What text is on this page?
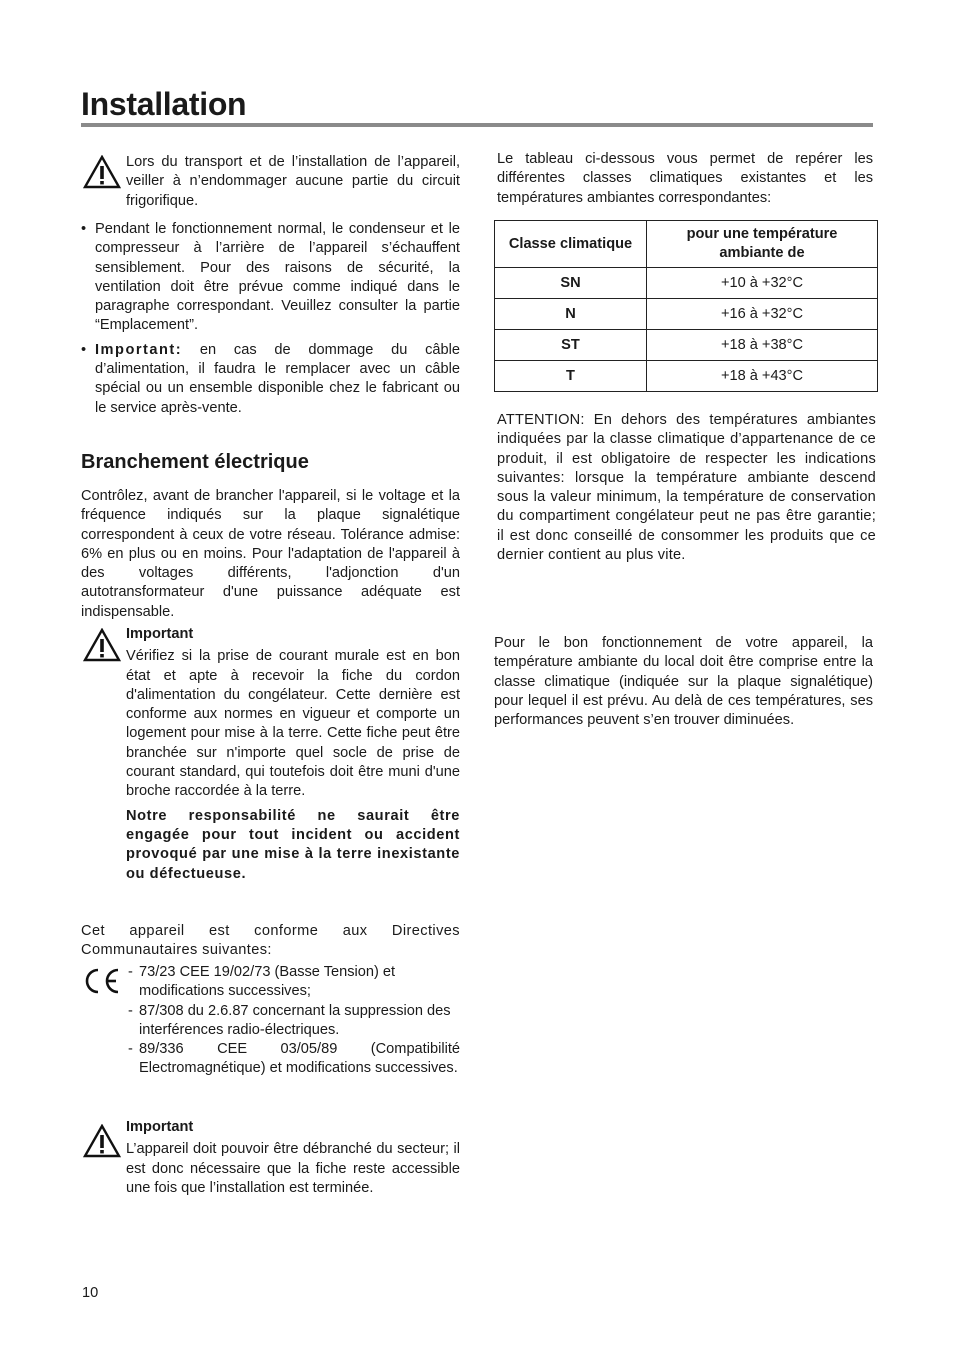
Installation

Lors du transport et de l’installation de l’appareil, veiller à n’endommager aucune partie du circuit frigorifique.

• Pendant le fonctionnement normal, le condenseur et le compresseur à l’arrière de l’appareil s’échauffent sensiblement. Pour des raisons de sécurité, la ventilation doit être prévue comme indiqué dans le paragraphe correspondant. Veuillez consulter la partie “Emplacement”.
• Important: en cas de dommage du câble d’alimentation, il faudra le remplacer avec un câble spécial ou un ensemble disponible chez le fabricant ou le service après-vente.
Branchement électrique

Contrôlez, avant de brancher l'appareil, si le voltage et la fréquence indiqués sur la plaque signalétique correspondent à ceux de votre réseau. Tolérance admise: 6% en plus ou en moins. Pour l'adaptation de l'appareil à des voltages différents, l'adjonction d'un autotransformateur d'une puissance adéquate est indispensable.

Important

Vérifiez si la prise de courant murale est en bon état et apte à recevoir la fiche du cordon d'alimentation du congélateur. Cette dernière est conforme aux normes en vigueur et comporte un logement pour mise à la terre. Cette fiche peut être branchée sur n'importe quel socle de prise de courant standard, qui toutefois doit être muni d'une broche raccordée à la terre.

Notre responsabilité ne saurait être engagée pour tout incident ou accident provoqué par une mise à la terre inexistante ou défectueuse.

Cet appareil est conforme aux Directives Communautaires suivantes:

- 73/23 CEE 19/02/73 (Basse Tension) et modifications successives;
- 87/308 du 2.6.87 concernant la suppression des interférences radio-électriques.
- 89/336 CEE 03/05/89 (Compatibilité Electromagnétique) et modifications successives.

Important

L’appareil doit pouvoir être débranché du secteur; il est donc nécessaire que la fiche reste accessible une fois que l’installation est terminée.

10

Le tableau ci-dessous vous permet de repérer les différentes classes climatiques existantes et les températures ambiantes correspondantes:

Classe climatique	pour une température ambiante de
SN	+10 à +32°C
N	+16 à +32°C
ST	+18 à +38°C
T	+18 à +43°C

ATTENTION: En dehors des températures ambiantes indiquées par la classe climatique d’appartenance de ce produit, il est obligatoire de respecter les indications suivantes: lorsque la température ambiante descend sous la valeur minimum, la température de conservation du compartiment congélateur peut ne pas être garantie; il est donc conseillé de consommer les produits que ce dernier contient au plus vite.

Pour le bon fonctionnement de votre appareil, la température ambiante du local doit être comprise entre la classe climatique (indiquée sur la plaque signalétique) pour lequel il est prévu. Au delà de ces températures, ses performances peuvent s’en trouver diminuées.
